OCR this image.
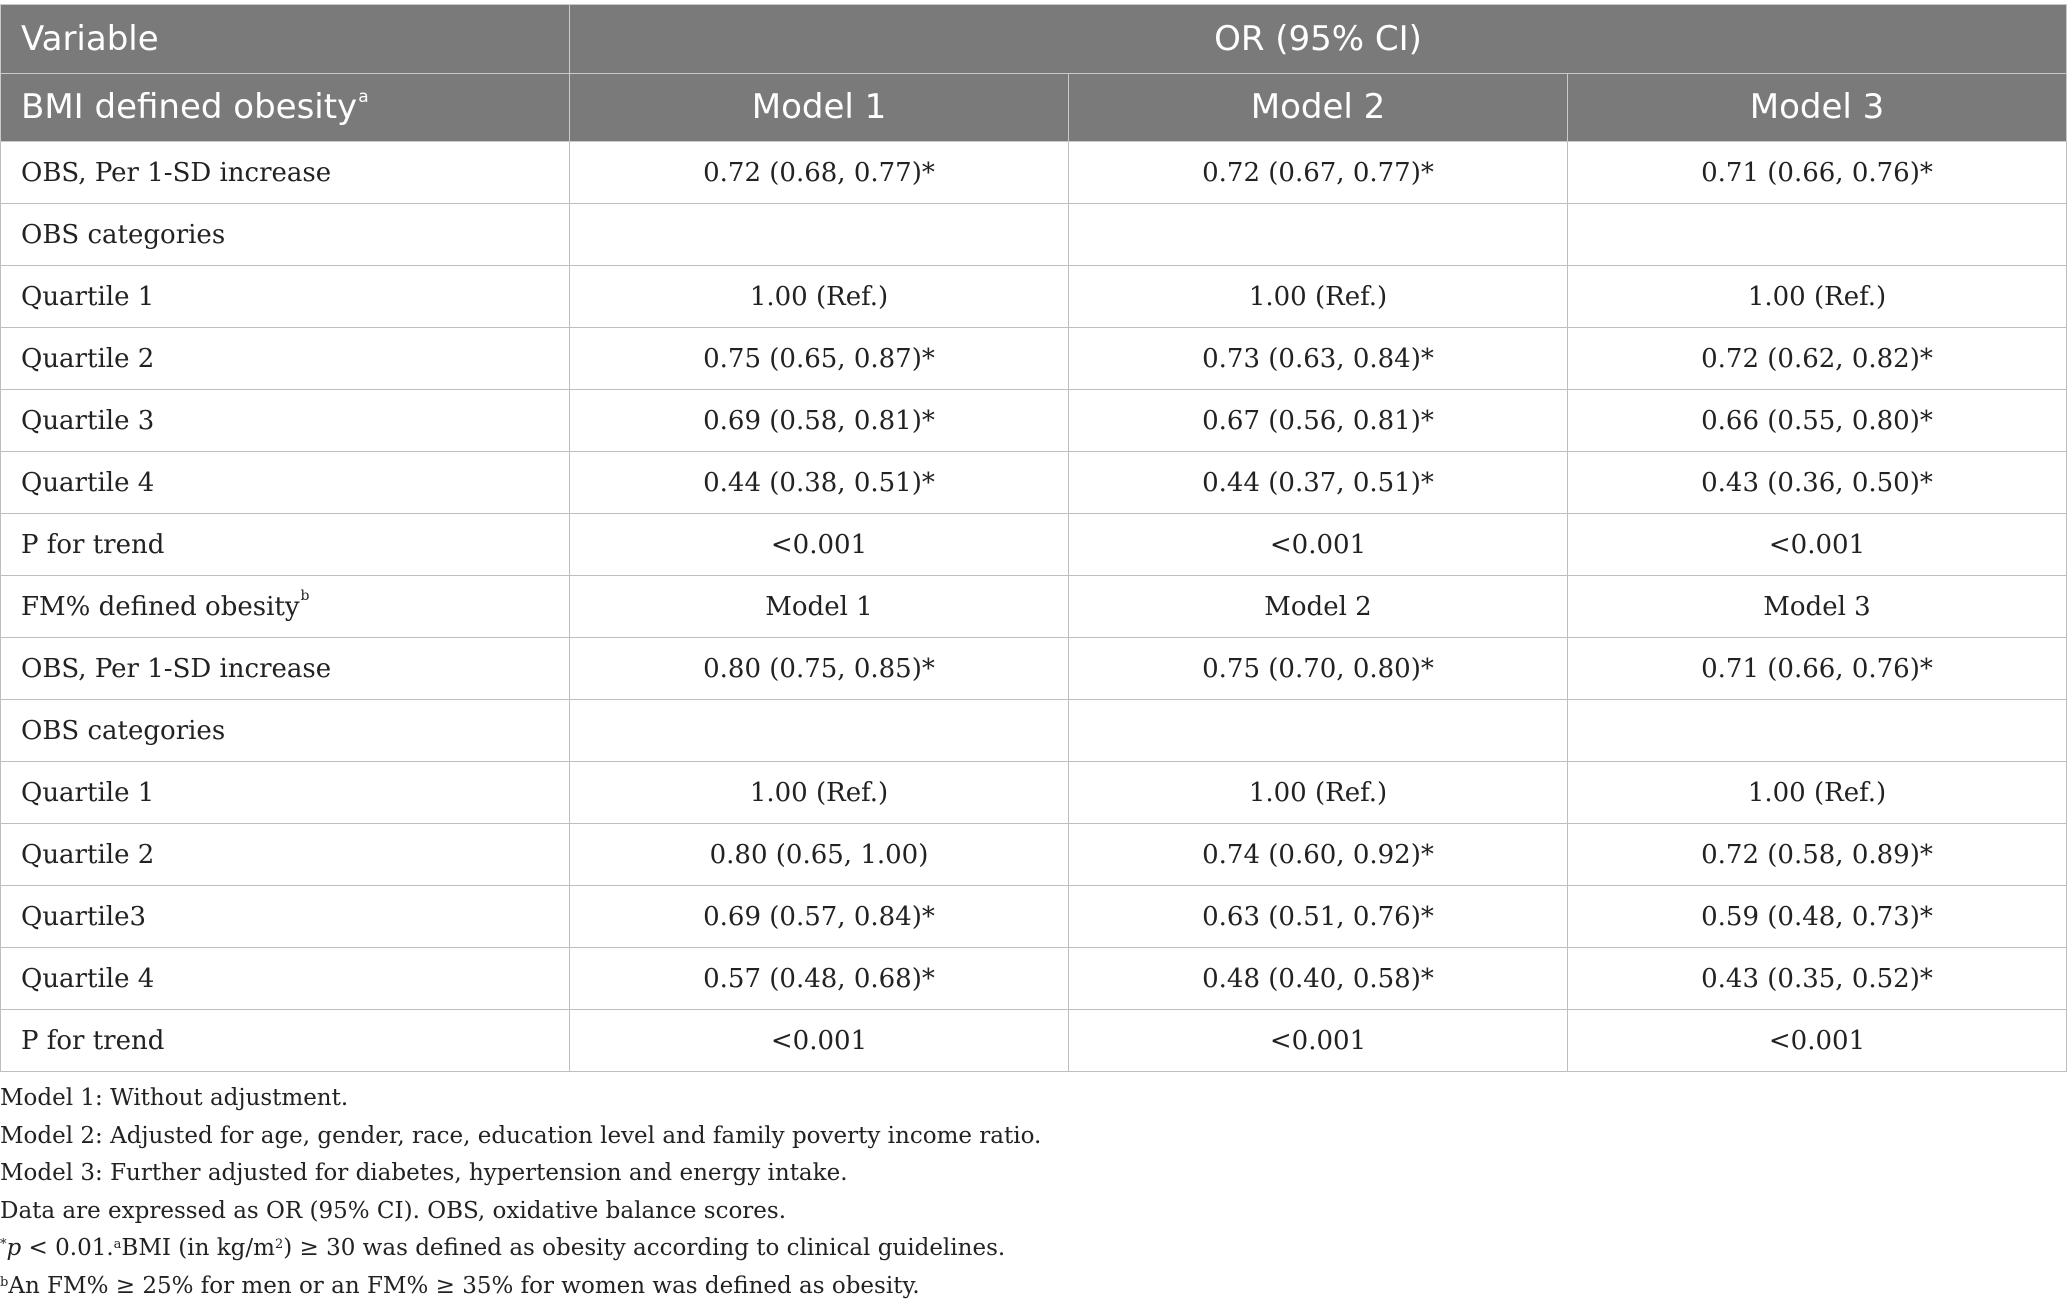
Variable	OR (95% CI)		
BMI defined obesity$^a$	Model 1	Model 2	Model 3
OBS, Per 1-SD increase	0.72 (0.68, 0.77)*	0.72 (0.67, 0.77)*	0.71 (0.66, 0.76)*
OBS categories			
Quartile 1	1.00 (Ref.)	1.00 (Ref.)	1.00 (Ref.)
Quartile 2	0.75 (0.65, 0.87)*	0.73 (0.63, 0.84)*	0.72 (0.62, 0.82)*
Quartile 3	0.69 (0.58, 0.81)*	0.67 (0.56, 0.81)*	0.66 (0.55, 0.80)*
Quartile 4	0.44 (0.38, 0.51)*	0.44 (0.37, 0.51)*	0.43 (0.36, 0.50)*
P for trend	<0.001	<0.001	<0.001
FM% defined obesity$^b$	Model 1	Model 2	Model 3
OBS, Per 1-SD increase	0.80 (0.75, 0.85)*	0.75 (0.70, 0.80)*	0.71 (0.66, 0.76)*
OBS categories			
Quartile 1	1.00 (Ref.)	1.00 (Ref.)	1.00 (Ref.)
Quartile 2	0.80 (0.65, 1.00)	0.74 (0.60, 0.92)*	0.72 (0.58, 0.89)*
Quartile3	0.69 (0.57, 0.84)*	0.63 (0.51, 0.76)*	0.59 (0.48, 0.73)*
Quartile 4	0.57 (0.48, 0.68)*	0.48 (0.40, 0.58)*	0.43 (0.35, 0.52)*
P for trend	<0.001	<0.001	<0.001

Model 1: Without adjustment.

Model 2: Adjusted for age, gender, race, education level and family poverty income ratio.

Model 3: Further adjusted for diabetes, hypertension and energy intake.

Data are expressed as OR (95% CI). OBS, oxidative balance scores.

*p < 0.01.$^a$BMI (in $kg/m^2) \ge 30$ was defined as obesity according to clinical guidelines.

$^b$An FM% ≥ 25% for men or an FM% ≥ 35% for women was defined as obesity.
